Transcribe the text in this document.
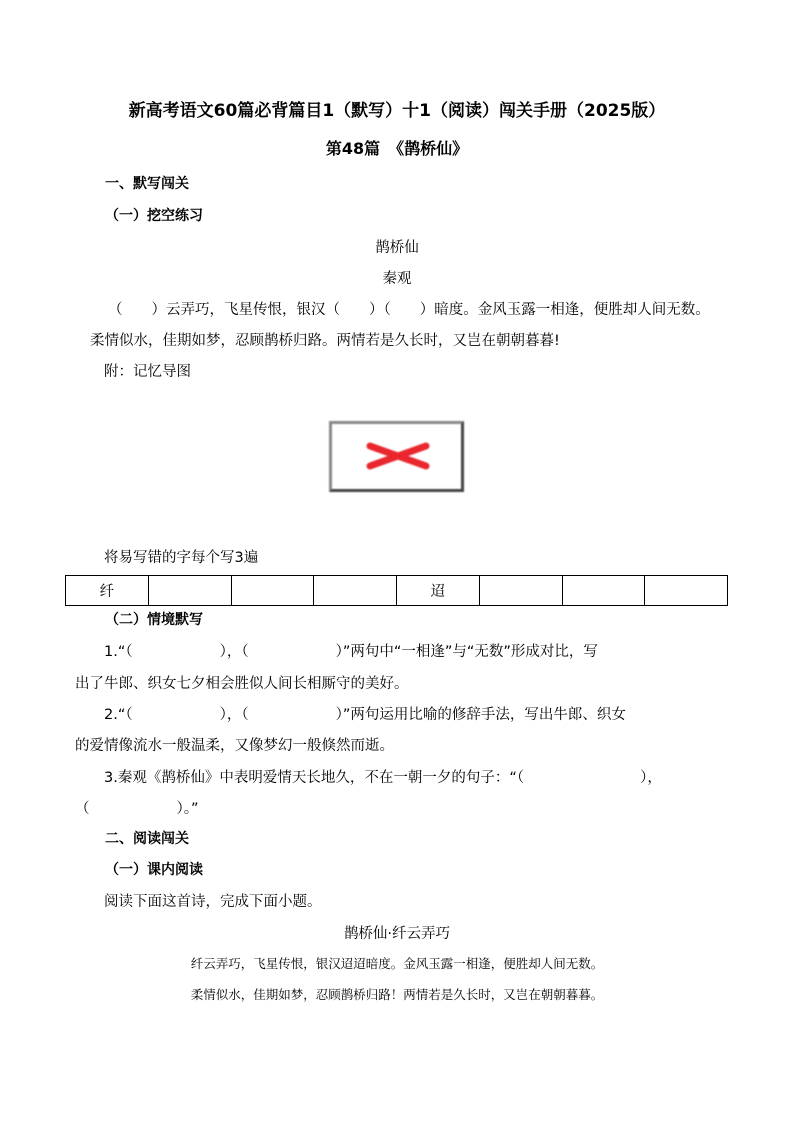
新高考语文60篇必背篇目1（默写）十1（阅读）闯关手册（2025版）
第48篇　《鹊桥仙》
一、默写闯关
（一）挖空练习
鹊桥仙
秦观
（　　）云弄巧，飞星传恨，银汉（　　）（　　）暗度。金风玉露一相逢，便胜却人间无数。
柔情似水，佳期如梦，忍顾鹊桥归路。两情若是久长时，又岂在朝朝暮暮!
附：记忆导图
将易写错的字每个写3遍
纤				迢			
（二）情境默写
1.“（　　　　　　），（　　　　　　）”两句中“一相逢”与“无数”形成对比，写
出了牛郎、织女七夕相会胜似人间长相厮守的美好。
2.“（　　　　　　），（　　　　　　）”两句运用比喻的修辞手法，写出牛郎、织女
的爱情像流水一般温柔，又像梦幻一般倏然而逝。
3.秦观《鹊桥仙》中表明爱情天长地久，不在一朝一夕的句子：“（　　　　　　　　），
（　　　　　　）。”
二、阅读闯关
（一）课内阅读
阅读下面这首诗，完成下面小题。
鹊桥仙·纤云弄巧
纤云弄巧，飞星传恨，银汉迢迢暗度。金风玉露一相逢，便胜却人间无数。
柔情似水，佳期如梦，忍顾鹊桥归路！两情若是久长时，又岂在朝朝暮暮。
